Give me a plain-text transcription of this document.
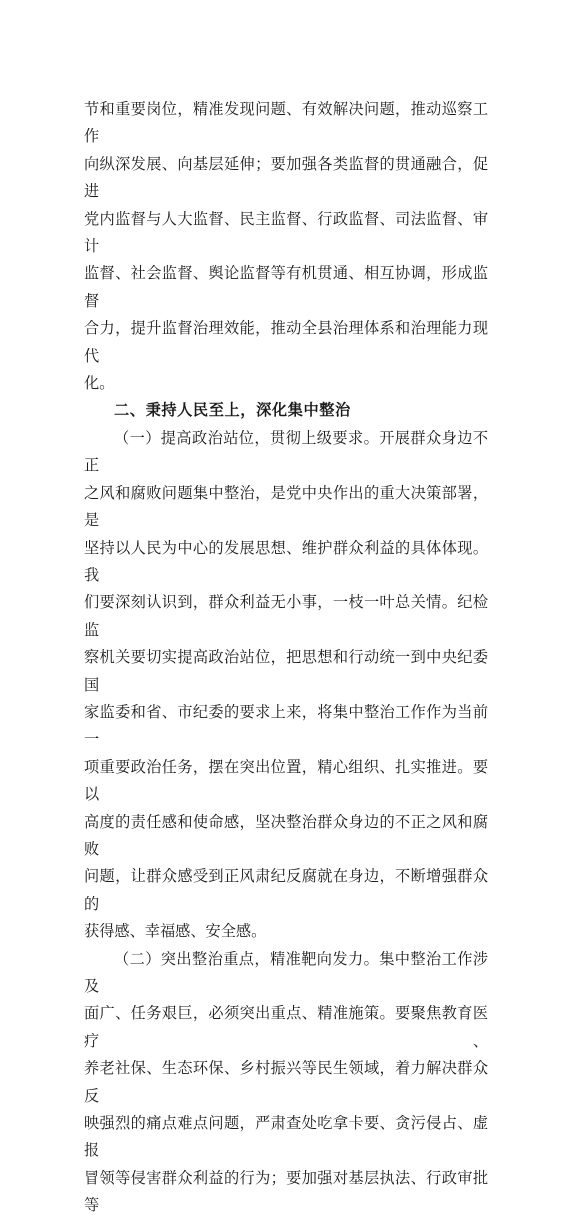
节和重要岗位，精准发现问题、有效解决问题，推动巡察工作
向纵深发展、向基层延伸；要加强各类监督的贯通融合，促进
党内监督与人大监督、民主监督、行政监督、司法监督、审计
监督、社会监督、舆论监督等有机贯通、相互协调，形成监督
合力，提升监督治理效能，推动全县治理体系和治理能力现代
化。
二、秉持人民至上，深化集中整治
（一）提高政治站位，贯彻上级要求。开展群众身边不正
之风和腐败问题集中整治，是党中央作出的重大决策部署，是
坚持以人民为中心的发展思想、维护群众利益的具体体现。我
们要深刻认识到，群众利益无小事，一枝一叶总关情。纪检监
察机关要切实提高政治站位，把思想和行动统一到中央纪委国
家监委和省、市纪委的要求上来，将集中整治工作作为当前一
项重要政治任务，摆在突出位置，精心组织、扎实推进。要以
高度的责任感和使命感，坚决整治群众身边的不正之风和腐败
问题，让群众感受到正风肃纪反腐就在身边，不断增强群众的
获得感、幸福感、安全感。
（二）突出整治重点，精准靶向发力。集中整治工作涉及
面广、任务艰巨，必须突出重点、精准施策。要聚焦教育医疗、
养老社保、生态环保、乡村振兴等民生领域，着力解决群众反
映强烈的痛点难点问题，严肃查处吃拿卡要、贪污侵占、虚报
冒领等侵害群众利益的行为；要加强对基层执法、行政审批等
